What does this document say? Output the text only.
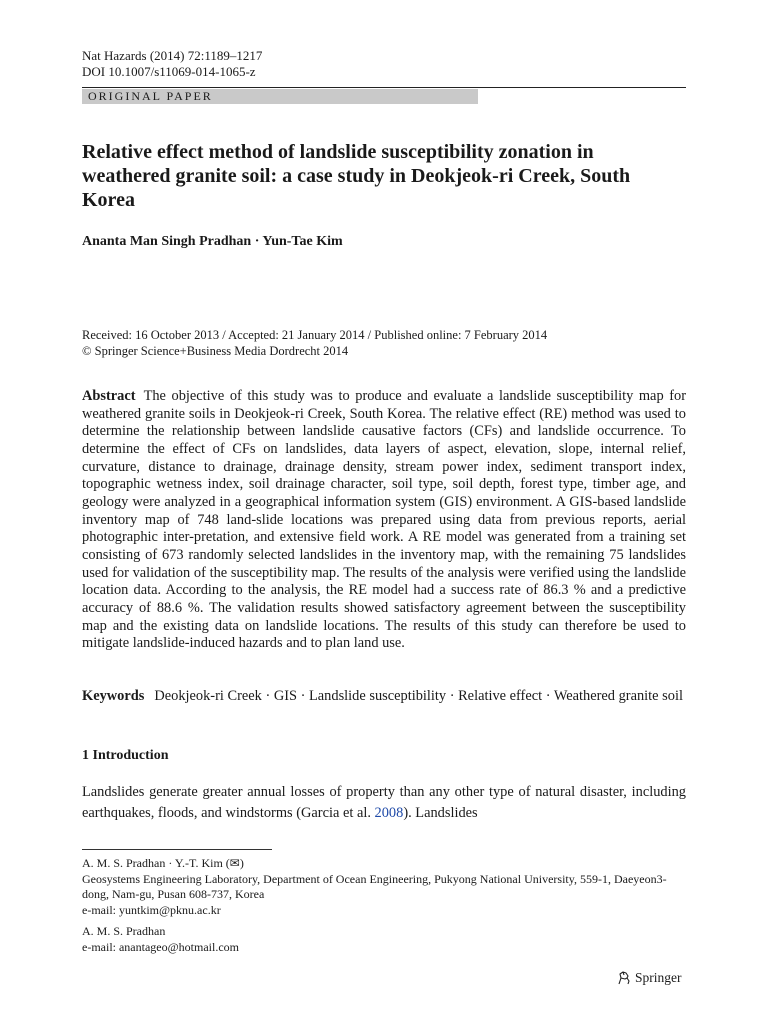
Nat Hazards (2014) 72:1189–1217
DOI 10.1007/s11069-014-1065-z
ORIGINAL PAPER
Relative effect method of landslide susceptibility zonation in weathered granite soil: a case study in Deokjeok-ri Creek, South Korea
Ananta Man Singh Pradhan · Yun-Tae Kim
Received: 16 October 2013 / Accepted: 21 January 2014 / Published online: 7 February 2014
© Springer Science+Business Media Dordrecht 2014
Abstract The objective of this study was to produce and evaluate a landslide susceptibility map for weathered granite soils in Deokjeok-ri Creek, South Korea. The relative effect (RE) method was used to determine the relationship between landslide causative factors (CFs) and landslide occurrence. To determine the effect of CFs on landslides, data layers of aspect, elevation, slope, internal relief, curvature, distance to drainage, drainage density, stream power index, sediment transport index, topographic wetness index, soil drainage character, soil type, soil depth, forest type, timber age, and geology were analyzed in a geographical information system (GIS) environment. A GIS-based landslide inventory map of 748 land-slide locations was prepared using data from previous reports, aerial photographic inter-pretation, and extensive field work. A RE model was generated from a training set consisting of 673 randomly selected landslides in the inventory map, with the remaining 75 landslides used for validation of the susceptibility map. The results of the analysis were verified using the landslide location data. According to the analysis, the RE model had a success rate of 86.3 % and a predictive accuracy of 88.6 %. The validation results showed satisfactory agreement between the susceptibility map and the existing data on landslide locations. The results of this study can therefore be used to mitigate landslide-induced hazards and to plan land use.
Keywords Deokjeok-ri Creek · GIS · Landslide susceptibility · Relative effect · Weathered granite soil
1 Introduction
Landslides generate greater annual losses of property than any other type of natural disaster, including earthquakes, floods, and windstorms (Garcia et al. 2008). Landslides
A. M. S. Pradhan · Y.-T. Kim (✉)
Geosystems Engineering Laboratory, Department of Ocean Engineering, Pukyong National University, 559-1, Daeyeon3-dong, Nam-gu, Pusan 608-737, Korea
e-mail: yuntkim@pknu.ac.kr
A. M. S. Pradhan
e-mail: anantageo@hotmail.com
Springer
